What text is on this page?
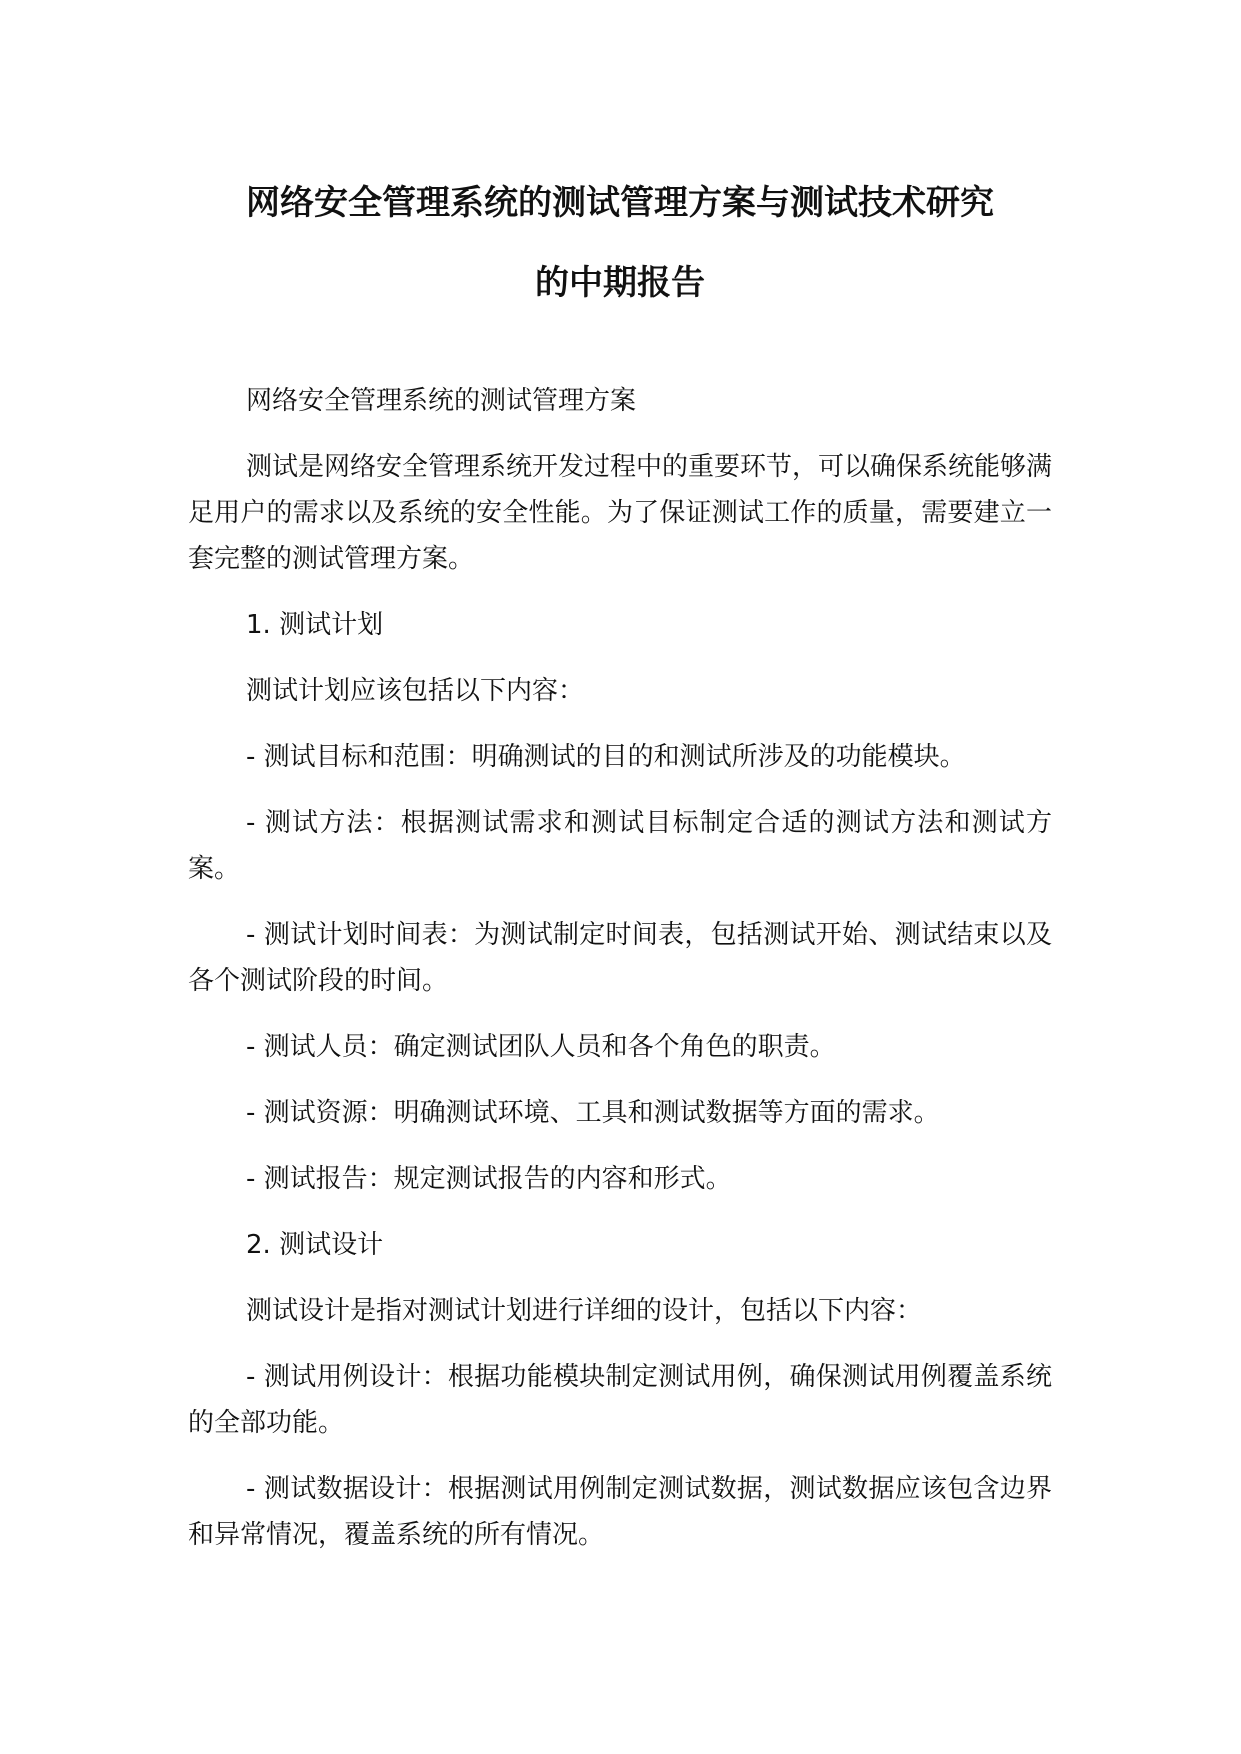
网络安全管理系统的测试管理方案与测试技术研究
的中期报告

网络安全管理系统的测试管理方案

测试是网络安全管理系统开发过程中的重要环节，可以确保系统能够满足用户的需求以及系统的安全性能。为了保证测试工作的质量，需要建立一套完整的测试管理方案。

1. 测试计划

测试计划应该包括以下内容：

- 测试目标和范围：明确测试的目的和测试所涉及的功能模块。

- 测试方法：根据测试需求和测试目标制定合适的测试方法和测试方案。

- 测试计划时间表：为测试制定时间表，包括测试开始、测试结束以及各个测试阶段的时间。

- 测试人员：确定测试团队人员和各个角色的职责。

- 测试资源：明确测试环境、工具和测试数据等方面的需求。

- 测试报告：规定测试报告的内容和形式。

2. 测试设计

测试设计是指对测试计划进行详细的设计，包括以下内容：

- 测试用例设计：根据功能模块制定测试用例，确保测试用例覆盖系统的全部功能。

- 测试数据设计：根据测试用例制定测试数据，测试数据应该包含边界和异常情况，覆盖系统的所有情况。
